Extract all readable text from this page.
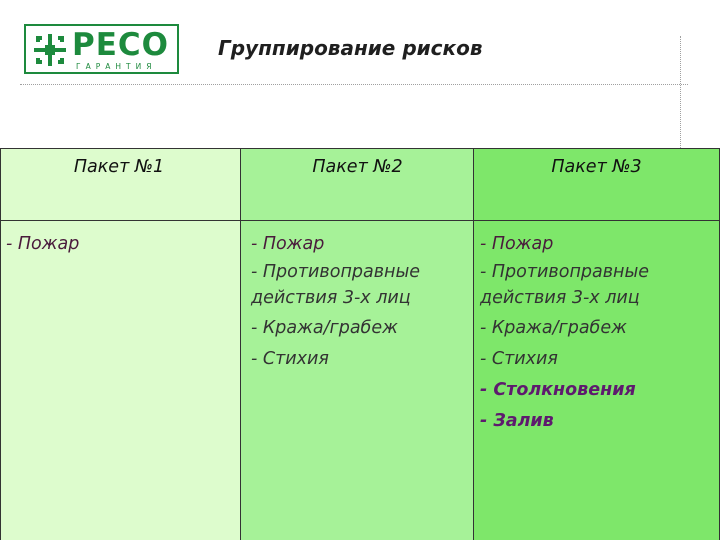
РЕСО
ГАРАНТИЯ
Группирование рисков
Пакет №1
- Пожар
Пакет №2
- Пожар
- Противоправные действия 3-х лиц
- Кража/грабеж
- Стихия
Пакет №3
- Пожар
- Противоправные действия 3-х лиц
- Кража/грабеж
- Стихия
- Столкновения
- Залив
